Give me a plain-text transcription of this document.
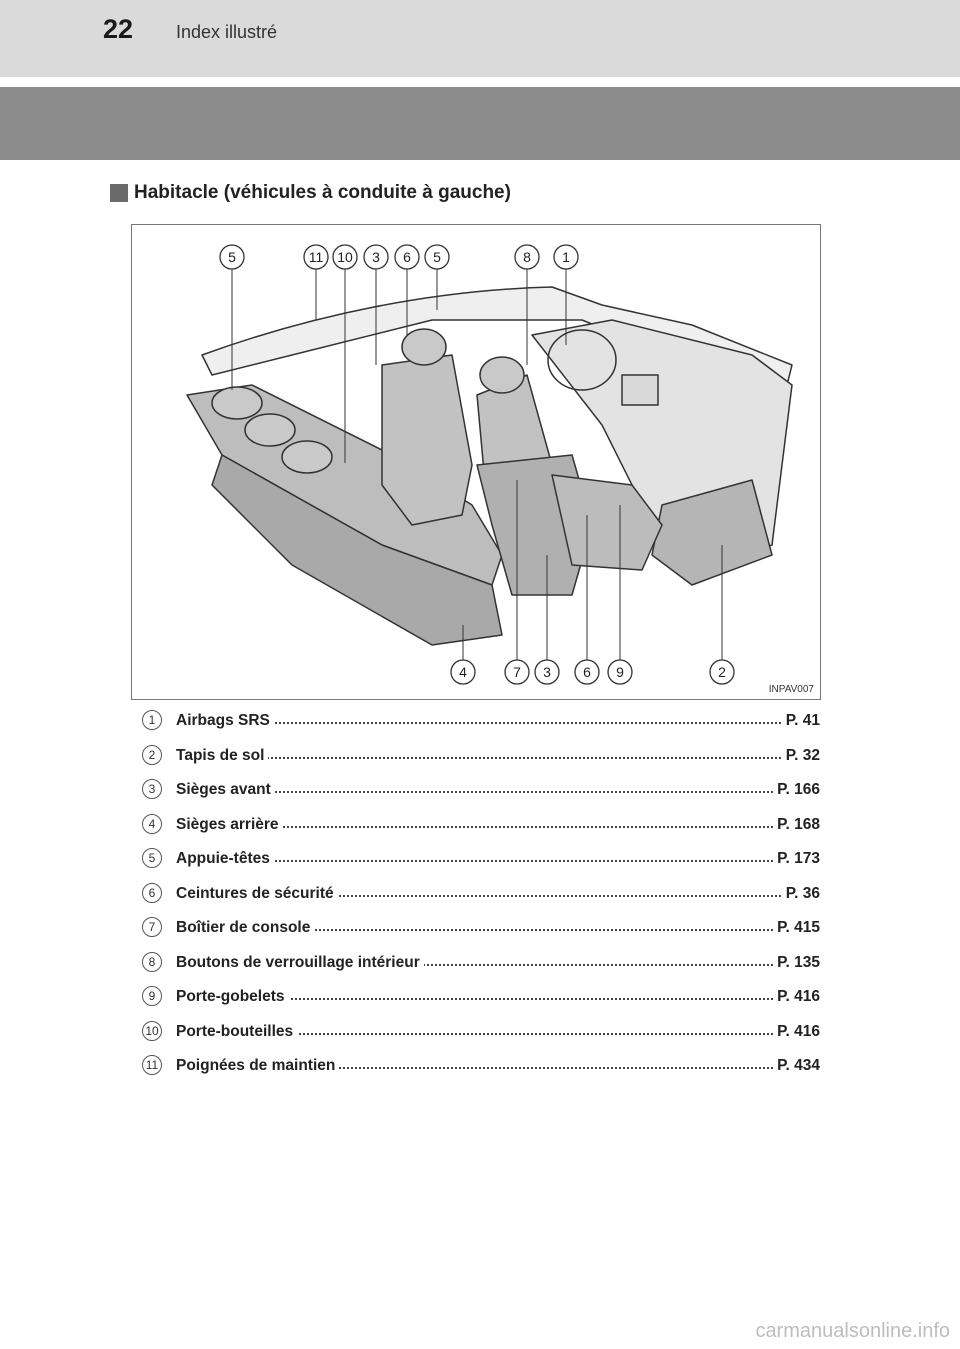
22 Index illustré
Habitacle (véhicules à conduite à gauche)
5	11 10 3 6 5	8 1
4	7 3 6 9	2
INPAV007
1	Airbags SRS	P. 41
2	Tapis de sol	P. 32
3	Sièges avant	P. 166
4	Sièges arrière	P. 168
5	Appuie-têtes	P. 173
6	Ceintures de sécurité	P. 36
7	Boîtier de console	P. 415
8	Boutons de verrouillage intérieur	P. 135
9	Porte-gobelets	P. 416
10 Porte-bouteilles	P. 416
11 Poignées de maintien	P. 434
carmanualsonline.info
